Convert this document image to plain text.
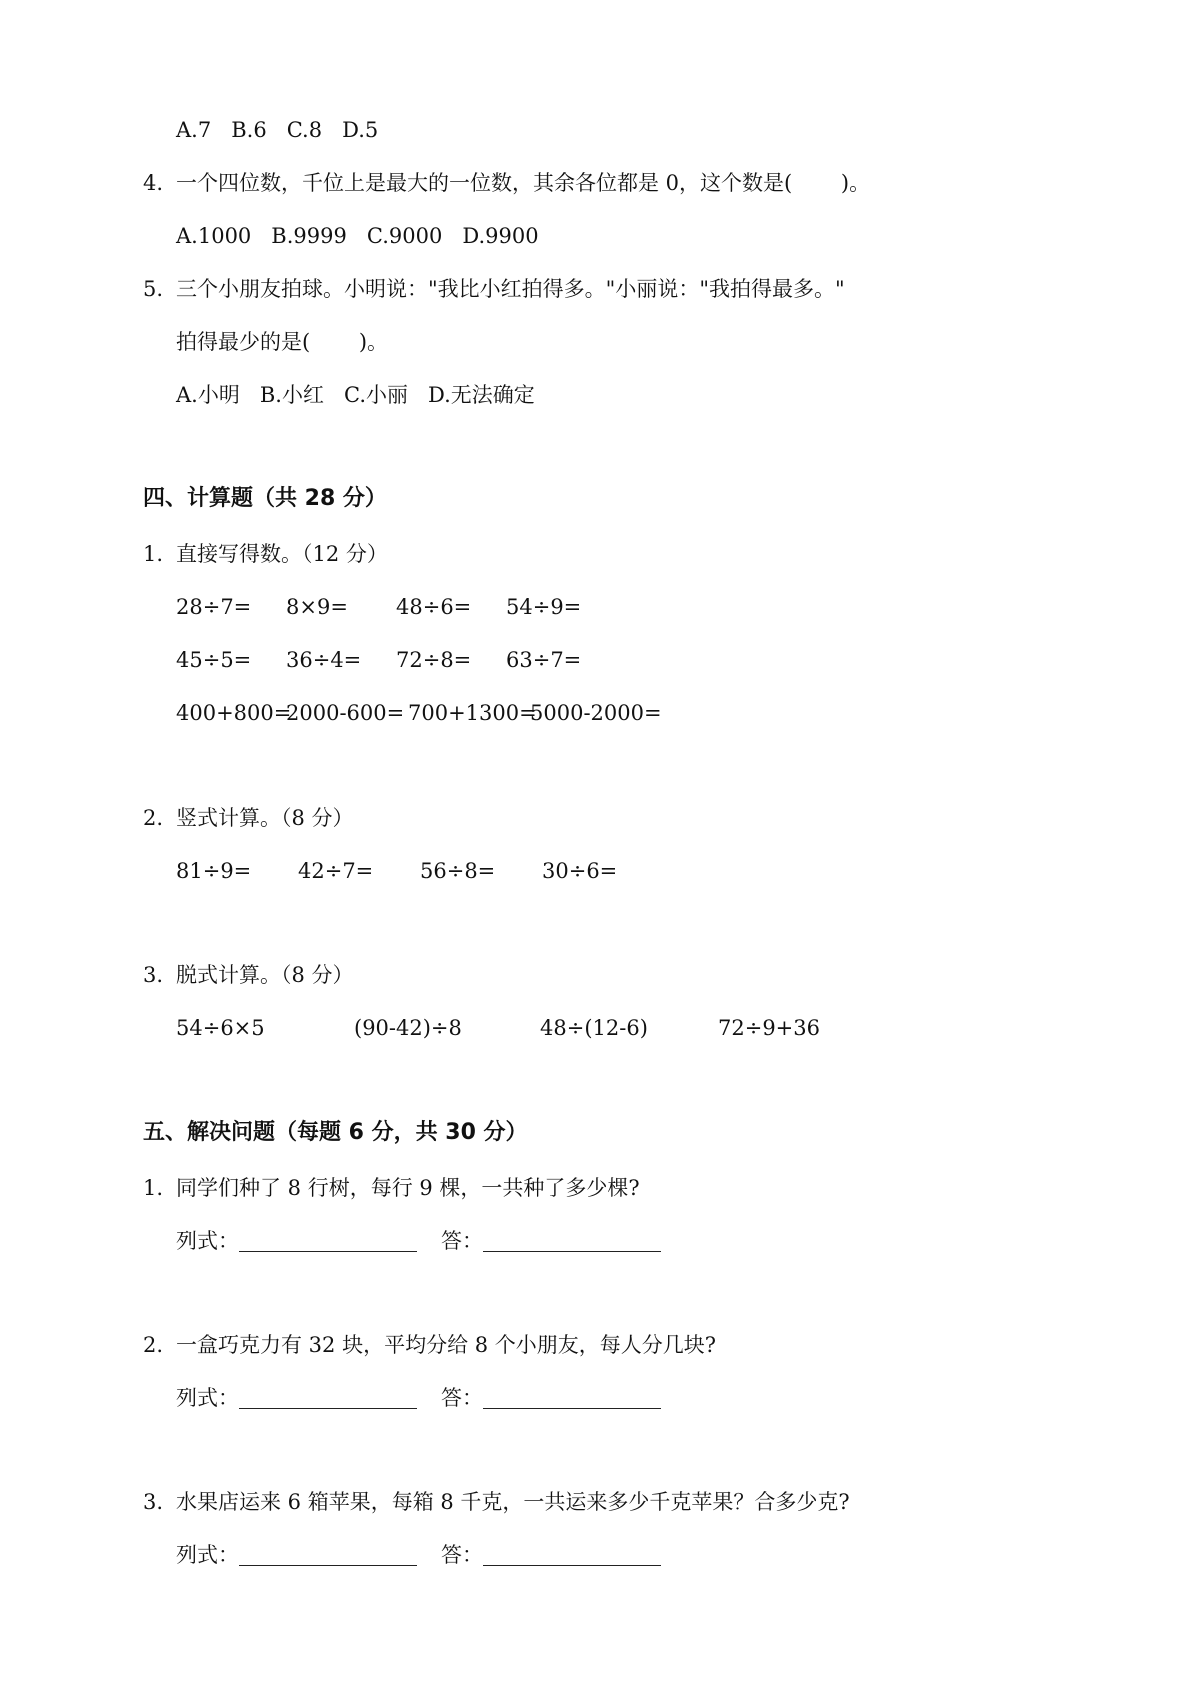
A.7   B.6   C.8   D.5
4. 一个四位数，千位上是最大的一位数，其余各位都是 0，这个数是(　　 )。
A.1000   B.9999   C.9000   D.9900
5. 三个小朋友拍球。小明说："我比小红拍得多。"小丽说："我拍得最多。"
拍得最少的是(　　 )。
A.小明   B.小红   C.小丽   D.无法确定
四、计算题（共 28 分）
1. 直接写得数。（12 分）
28÷7= 8×9= 48÷6= 54÷9=
45÷5= 36÷4= 72÷8= 63÷7=
400+800=2000-600= 700+1300=5000-2000=
2. 竖式计算。（8 分）
81÷9= 42÷7= 56÷8= 30÷6=
3. 脱式计算。（8 分）
54÷6×5	(90-42)÷8	48÷(12-6)	72÷9+36
五、解决问题（每题 6 分，共 30 分）
1. 同学们种了 8 行树，每行 9 棵，一共种了多少棵?
列式：	答：
2. 一盒巧克力有 32 块，平均分给 8 个小朋友，每人分几块?
列式：	答：
3. 水果店运来 6 箱苹果，每箱 8 千克，一共运来多少千克苹果？合多少克?
列式：	答：
